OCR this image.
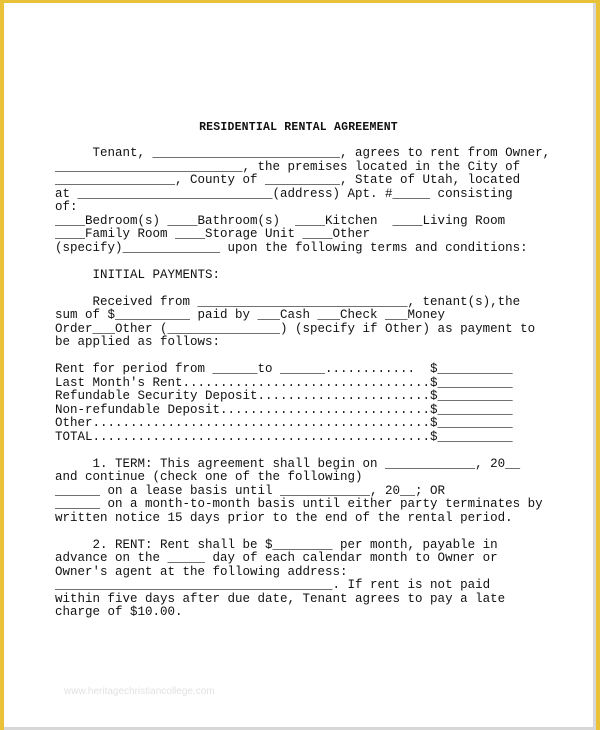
RESIDENTIAL RENTAL AGREEMENT
Tenant, _________________________, agrees to rent from Owner,
_________________________, the premises located in the City of
________________, County of __________, State of Utah, located
at __________________________(address) Apt. #_____ consisting
of:
____Bedroom(s) ____Bathroom(s)  ____Kitchen  ____Living Room
____Family Room ____Storage Unit ____Other
(specify)_____________ upon the following terms and conditions:
INITIAL PAYMENTS:
Received from ____________________________, tenant(s),the
sum of $__________ paid by ___Cash ___Check ___Money
Order___Other (_______________) (specify if Other) as payment to
be applied as follows:
Rent for period from ______to ______............  $__________
Last Month's Rent.................................$__________
Refundable Security Deposit.......................$__________
Non-refundable Deposit............................$__________
Other.............................................$__________
TOTAL.............................................$__________
1. TERM: This agreement shall begin on ____________, 20__
and continue (check one of the following)
______ on a lease basis until ____________, 20__; OR
______ on a month-to-month basis until either party terminates by
written notice 15 days prior to the end of the rental period.
2. RENT: Rent shall be $________ per month, payable in
advance on the _____ day of each calendar month to Owner or
Owner's agent at the following address:
_____________________________________. If rent is not paid
within five days after due date, Tenant agrees to pay a late
charge of $10.00.
www.heritagechristiancollege.com
